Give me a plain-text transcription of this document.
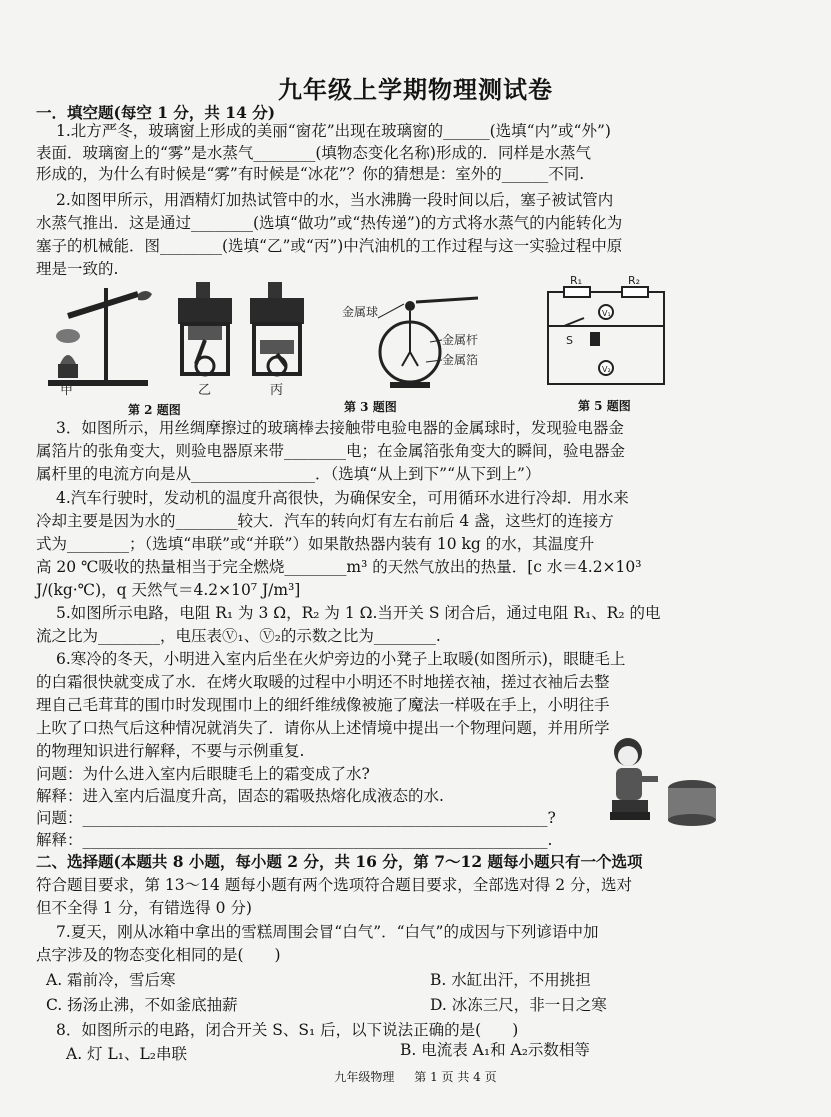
九年级上学期物理测试卷
一．填空题(每空 1 分，共 14 分)
1.北方严冬，玻璃窗上形成的美丽“窗花”出现在玻璃窗的______(选填“内”或“外”)
表面．玻璃窗上的“雾”是水蒸气________(填物态变化名称)形成的．同样是水蒸气
形成的，为什么有时候是“雾”有时候是“冰花”？你的猜想是：室外的______不同.
2.如图甲所示，用酒精灯加热试管中的水，当水沸腾一段时间以后，塞子被试管内
水蒸气推出．这是通过________(选填“做功”或“热传递”)的方式将水蒸气的内能转化为
塞子的机械能．图________(选填“乙”或“丙”)中汽油机的工作过程与这一实验过程中原
理是一致的.
甲	乙	丙
第 2 题图
金属球
金属杆
金属箔
第 3 题图
R₁	R₂
V₁
S
V₂
第 5 题图
3．如图所示，用丝绸摩擦过的玻璃棒去接触带电验电器的金属球时，发现验电器金
属箔片的张角变大，则验电器原来带________电；在金属箔张角变大的瞬间，验电器金
属杆里的电流方向是从________________．（选填“从上到下”“从下到上”）
4.汽车行驶时，发动机的温度升高很快，为确保安全，可用循环水进行冷却．用水来
冷却主要是因为水的________较大．汽车的转向灯有左右前后 4 盏，这些灯的连接方
式为________；（选填“串联”或“并联”）如果散热器内装有 10 kg 的水，其温度升
高 20 ℃吸收的热量相当于完全燃烧________m³ 的天然气放出的热量．[c 水＝4.2×10³
J/(kg·℃)，q 天然气＝4.2×10⁷ J/m³]
5.如图所示电路，电阻 R₁ 为 3 Ω，R₂ 为 1 Ω.当开关 S 闭合后，通过电阻 R₁、R₂ 的电
流之比为________，电压表Ⓥ₁、Ⓥ₂的示数之比为________.
6.寒冷的冬天，小明进入室内后坐在火炉旁边的小凳子上取暖(如图所示)，眼睫毛上
的白霜很快就变成了水．在烤火取暖的过程中小明还不时地搓衣袖，搓过衣袖后去整
理自己毛茸茸的围巾时发现围巾上的细纤维绒像被施了魔法一样吸在手上，小明往手
上吹了口热气后这种情况就消失了．请你从上述情境中提出一个物理问题，并用所学
的物理知识进行解释，不要与示例重复.
问题：为什么进入室内后眼睫毛上的霜变成了水?
解释：进入室内后温度升高，固态的霜吸热熔化成液态的水.
问题：____________________________________________________________?
解释：____________________________________________________________.
二、选择题(本题共 8 小题，每小题 2 分，共 16 分，第 7～12 题每小题只有一个选项
符合题目要求，第 13～14 题每小题有两个选项符合题目要求，全部选对得 2 分，选对
但不全得 1 分，有错选得 0 分)
7.夏天，刚从冰箱中拿出的雪糕周围会冒“白气”．“白气”的成因与下列谚语中加
点字涉及的物态变化相同的是(　　)
A. 霜前冷，雪后寒	B. 水缸出汗，不用挑担
C. 扬汤止沸，不如釜底抽薪	D. 冰冻三尺，非一日之寒
8．如图所示的电路，闭合开关 S、S₁ 后，以下说法正确的是(　　)
A. 灯 L₁、L₂串联	B. 电流表 A₁和 A₂示数相等
九年级物理 第 1 页 共 4 页
